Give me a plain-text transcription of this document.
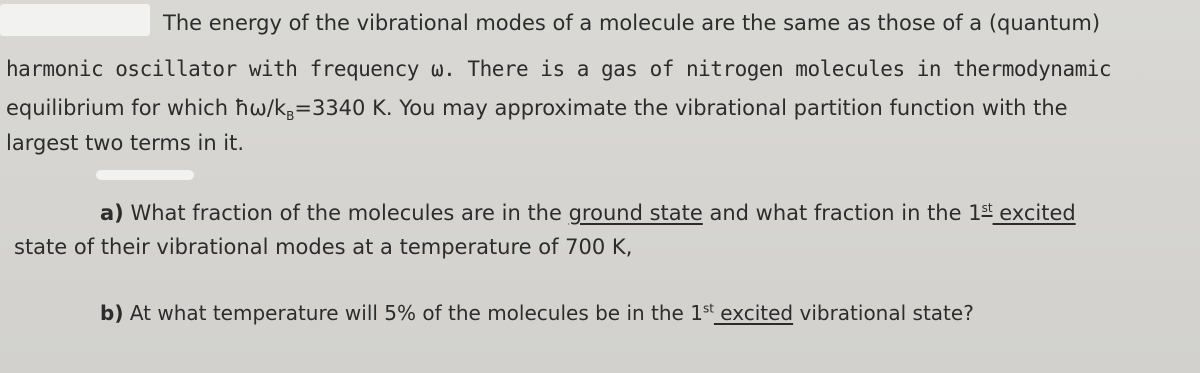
The energy of the vibrational modes of a molecule are the same as those of a (quantum)
harmonic oscillator with frequency ω. There is a gas of nitrogen molecules in thermodynamic
equilibrium for which $ħ\omega/k_B=3340$ K. You may approximate the vibrational partition function with the
largest two terms in it.
a) What fraction of the molecules are in the ground state and what fraction in the 1st excited
state of their vibrational modes at a temperature of 700 K,
b) At what temperature will 5% of the molecules be in the 1st excited vibrational state?
